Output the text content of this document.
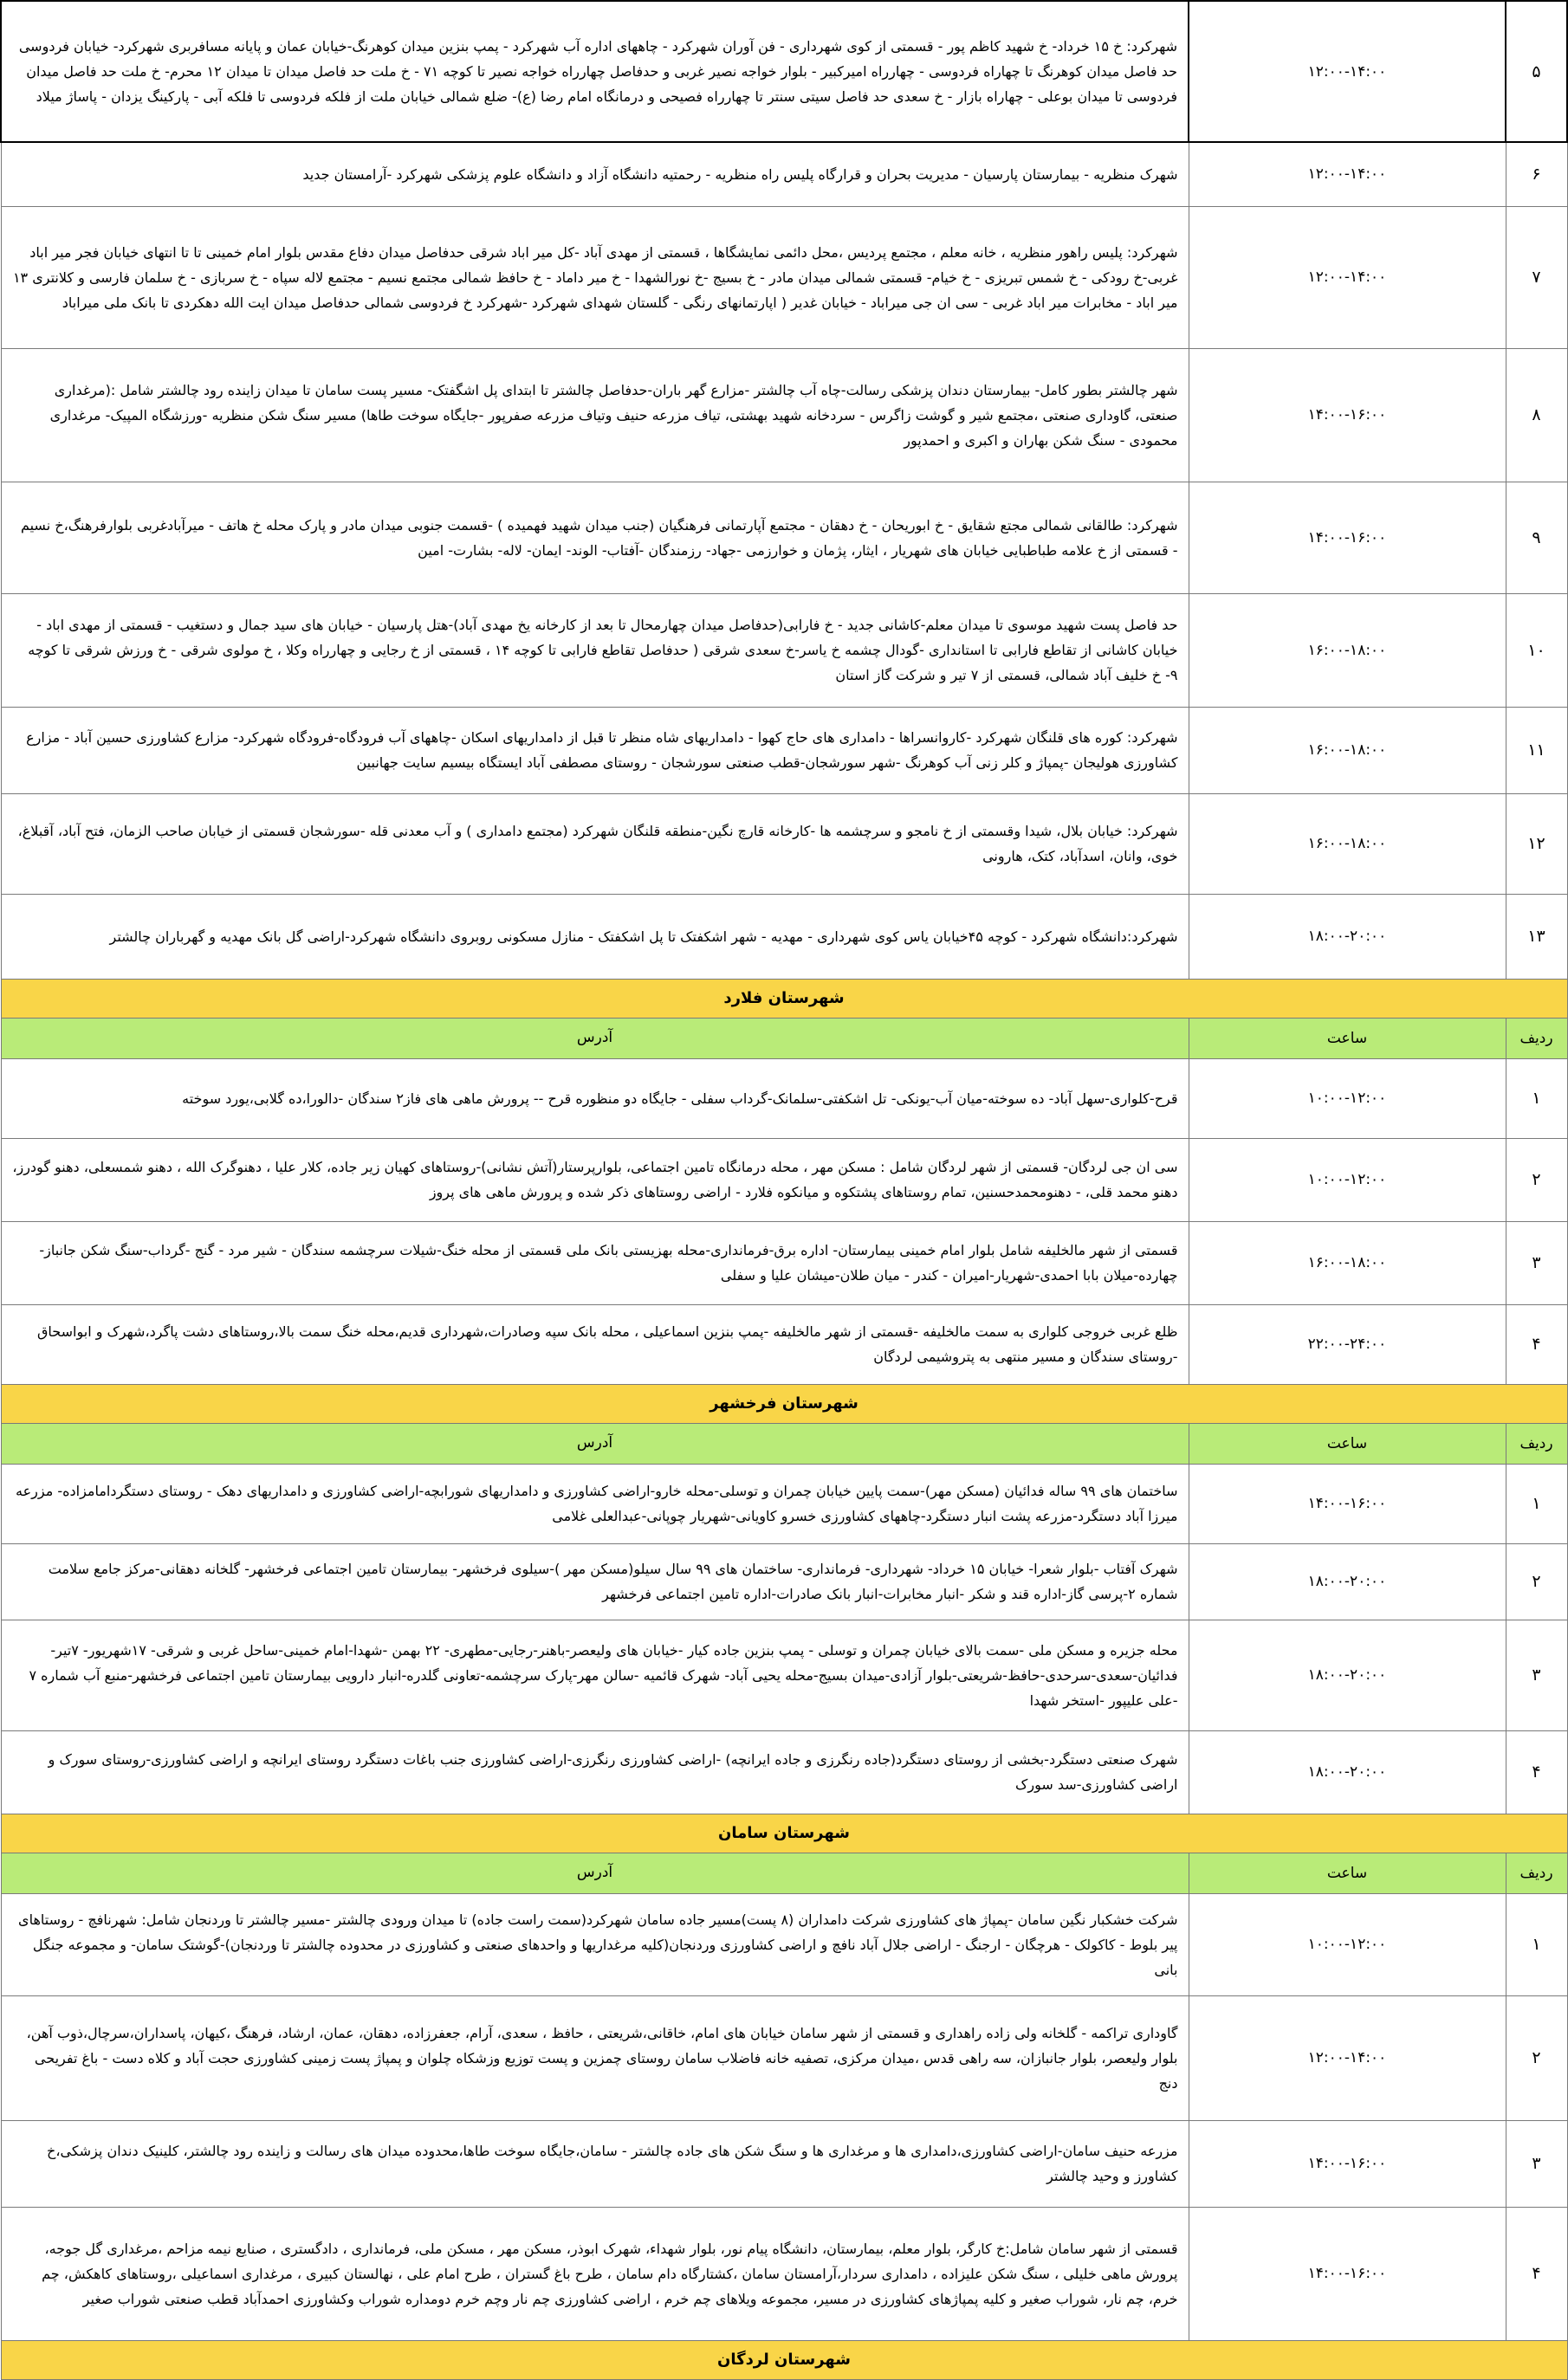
۵	۱۲:۰۰-۱۴:۰۰	شهرکرد: خ ۱۵ خرداد- خ شهید کاظم پور - قسمتی از کوی شهرداری - فن آوران شهرکرد - چاههای اداره آب شهرکرد - پمپ بنزین میدان کوهرنگ-خیابان عمان و پایانه مسافربری شهرکرد- خیابان فردوسی حد فاصل میدان کوهرنگ تا چهاراه فردوسی - چهارراه امیرکبیر - بلوار خواجه نصیر غربی و حدفاصل چهارراه خواجه نصیر تا کوچه ۷۱ - خ ملت حد فاصل میدان تا میدان ۱۲ محرم- خ ملت حد فاصل میدان فردوسی تا میدان بوعلی - چهاراه بازار - خ سعدی حد فاصل سیتی سنتر تا چهارراه فصیحی و درمانگاه امام رضا (ع)- ضلع شمالی خیابان ملت از فلکه فردوسی تا فلکه آبی - پارکینگ یزدان - پاساژ میلاد
۶	۱۲:۰۰-۱۴:۰۰	شهرک منظریه - بیمارستان پارسیان - مدیریت بحران و قرارگاه پلیس راه منظریه - رحمتیه دانشگاه آزاد و دانشگاه علوم پزشکی شهرکرد -آرامستان جدید
۷	۱۲:۰۰-۱۴:۰۰	شهرکرد: پلیس راهور منظریه ، خانه معلم ، مجتمع پردیس ،محل دائمی نمایشگاها ، قسمتی از مهدی آباد -کل میر اباد شرقی حدفاصل میدان دفاع مقدس بلوار امام خمینی تا تا انتهای خیابان فجر میر اباد غربی-خ رودکی - خ شمس تبریزی - خ خیام- قسمتی شمالی میدان مادر - خ بسیج -خ نورالشهدا - خ میر داماد - خ حافظ شمالی مجتمع نسیم - مجتمع لاله سپاه - خ سربازی - خ سلمان فارسی و کلانتری ۱۳ میر اباد - مخابرات میر اباد غربی - سی ان جی میراباد - خیابان غدیر ( اپارتمانهای رنگی - گلستان شهدای شهرکرد -شهرکرد خ فردوسی شمالی حدفاصل میدان ایت الله دهکردی تا بانک ملی میراباد
۸	۱۴:۰۰-۱۶:۰۰	شهر چالشتر بطور کامل- بیمارستان دندان پزشکی رسالت-چاه آب چالشتر -مزارع گهر باران-حدفاصل چالشتر تا ابتدای پل اشگفتک- مسیر پست سامان تا میدان زاینده رود چالشتر شامل :(مرغداری صنعتی، گاوداری صنعتی ،مجتمع شیر و گوشت زاگرس - سردخانه شهید بهشتی، تیاف مزرعه حنیف وتیاف مزرعه صفرپور -جایگاه سوخت طاها) مسیر سنگ شکن منظریه -ورزشگاه المپیک- مرغداری محمودی - سنگ شکن بهاران و اکبری و احمدپور
۹	۱۴:۰۰-۱۶:۰۰	شهرکرد: طالقانی شمالی مجتع شقایق - خ ابوریحان - خ دهقان - مجتمع آپارتمانی فرهنگیان (جنب میدان شهید فهمیده ) -قسمت جنوبی میدان مادر و پارک محله خ هاتف - میرآبادغربی بلوارفرهنگ،خ نسیم - قسمتی از خ علامه طباطبایی خیابان های شهریار ، ایثار، پژمان و خوارزمی -جهاد- رزمندگان -آفتاب- الوند- ایمان- لاله- بشارت- امین
۱۰	۱۶:۰۰-۱۸:۰۰	حد فاصل پست شهید موسوی تا میدان معلم-کاشانی جدید - خ فارابی(حدفاصل میدان چهارمحال تا بعد از کارخانه یخ مهدی آباد)-هتل پارسیان - خیابان های سید جمال و دستغیب - قسمتی از مهدی اباد - خیابان کاشانی از تقاطع فارابی تا استانداری -گودال چشمه خ یاسر-خ سعدی شرقی ( حدفاصل تقاطع فارابی تا کوچه ۱۴ ، قسمتی از خ رجایی و چهارراه وکلا ، خ مولوی شرقی - خ ورزش شرقی تا کوچه ۹- خ خلیف آباد شمالی، قسمتی از ۷ تیر و شرکت گاز استان
۱۱	۱۶:۰۰-۱۸:۰۰	شهرکرد: کوره های قلنگان شهرکرد -کاروانسراها - دامداری های حاج کهوا - دامداریهای شاه منظر تا قبل از دامداریهای اسکان -چاههای آب فرودگاه-فرودگاه شهرکرد- مزارع کشاورزی حسین آباد - مزارع کشاورزی هولیجان -پمپاژ و کلر زنی آب کوهرنگ -شهر سورشجان-قطب صنعتی سورشجان - روستای مصطفی آباد ایستگاه بیسیم سایت جهانبین
۱۲	۱۶:۰۰-۱۸:۰۰	شهرکرد: خیابان بلال، شیدا وقسمتی از خ نامجو و سرچشمه ها -کارخانه قارچ نگین-منطقه قلنگان شهرکرد (مجتمع دامداری ) و آب معدنی قله -سورشجان قسمتی از خیابان صاحب الزمان، فتح آباد، آقبلاغ، خوی، وانان، اسدآباد، کتک، هارونی
۱۳	۱۸:۰۰-۲۰:۰۰	شهرکرد:دانشگاه شهرکرد - کوچه ۴۵خیابان یاس کوی شهرداری - مهدیه - شهر اشکفتک تا پل اشکفتک - منازل مسکونی روبروی دانشگاه شهرکرد-اراضی گل بانک مهدیه و گهرباران چالشتر
شهرستان فلارد		
ردیف	ساعت	آدرس
۱	۱۰:۰۰-۱۲:۰۰	قرح-کلواری-سهل آباد- ده سوخته-میان آب-یونکی- تل اشکفتی-سلمانک-گرداب سفلی - جایگاه دو منظوره قرح -- پرورش ماهی های فاز۲ سندگان -دالورا،ده گلابی،یورد سوخته
۲	۱۰:۰۰-۱۲:۰۰	سی ان جی لردگان- قسمتی از شهر لردگان شامل : مسکن مهر ، محله درمانگاه تامین اجتماعی، بلوارپرستار(آتش نشانی)-روستاهای کهیان زیر جاده، کلار علیا ، دهنوگرک الله ، دهنو شمسعلی، دهنو گودرز، دهنو محمد قلی، - دهنومحمدحسنین، تمام روستاهای پشتکوه و میانکوه فلارد - اراضی روستاهای ذکر شده و پرورش ماهی های پروز
۳	۱۶:۰۰-۱۸:۰۰	قسمتی از شهر مالخلیفه شامل بلوار امام خمینی بیمارستان- اداره برق-فرمانداری-محله بهزیستی بانک ملی قسمتی از محله خنگ-شیلات سرچشمه سندگان - شیر مرد - گنج -گرداب-سنگ شکن جانباز- چهارده-میلان بابا احمدی-شهریار-امیران - کندر - میان طلان-میشان علیا و سفلی
۴	۲۲:۰۰-۲۴:۰۰	ظلع غربی خروجی کلواری به سمت مالخلیفه -قسمتی از شهر مالخلیفه -پمپ بنزین اسماعیلی ، محله بانک سپه وصادرات،شهرداری قدیم،محله خنگ سمت بالا،روستاهای دشت پاگرد،شهرک و ابواسحاق -روستای سندگان و مسیر منتهی به پتروشیمی لردگان
شهرستان فرخشهر		
ردیف	ساعت	آدرس
۱	۱۴:۰۰-۱۶:۰۰	ساختمان های ۹۹ ساله فدائیان (مسکن مهر)-سمت پایین خیابان چمران و توسلی-محله خارو-اراضی کشاورزی و دامداریهای شورابچه-اراضی کشاورزی و دامداریهای دهک - روستای دستگردامامزاده- مزرعه میرزا آباد دستگرد-مزرعه پشت انبار دستگرد-چاههای کشاورزی خسرو کاویانی-شهریار چوپانی-عبدالعلی غلامی
۲	۱۸:۰۰-۲۰:۰۰	شهرک آفتاب -بلوار شعرا- خیابان ۱۵ خرداد- شهرداری- فرمانداری- ساختمان های ۹۹ سال سیلو(مسکن مهر )-سیلوی فرخشهر- بیمارستان تامین اجتماعی فرخشهر- گلخانه دهقانی-مرکز جامع سلامت شماره ۲-پرسی گاز-اداره قند و شکر -انبار مخابرات-انبار بانک صادرات-اداره تامین اجتماعی فرخشهر
۳	۱۸:۰۰-۲۰:۰۰	محله جزیره و مسکن ملی -سمت بالای خیابان چمران و توسلی - پمپ بنزین جاده کیار -خیابان های ولیعصر-باهنر-رجایی-مطهری- ۲۲ بهمن -شهدا-امام خمینی-ساحل غربی و شرقی- ۱۷شهریور- ۷تیر-فدائیان-سعدی-سرحدی-حافظ-شریعتی-بلوار آزادی-میدان بسیج-محله یحیی آباد- شهرک قائمیه -سالن مهر-پارک سرچشمه-تعاونی گلدره-انبار دارویی بیمارستان تامین اجتماعی فرخشهر-منبع آب شماره ۷ -علی علیپور -استخر شهدا
۴	۱۸:۰۰-۲۰:۰۰	شهرک صنعتی دستگرد-بخشی از روستای دستگرد(جاده رنگرزی و جاده ایرانچه) -اراضی کشاورزی رنگرزی-اراضی کشاورزی جنب باغات دستگرد روستای ایرانچه و اراضی کشاورزی-روستای سورک و اراضی کشاورزی-سد سورک
شهرستان سامان		
ردیف	ساعت	آدرس
۱	۱۰:۰۰-۱۲:۰۰	شرکت خشکبار نگین سامان -پمپاژ های کشاورزی شرکت دامداران (۸ پست)مسیر جاده سامان شهرکرد(سمت راست جاده) تا میدان ورودی چالشتر -مسیر چالشتر تا وردنجان شامل: شهرنافچ - روستاهای پیر بلوط - کاکولک - هرچگان - ارجنگ - اراضی جلال آباد نافچ و اراضی کشاورزی وردنجان(کلیه مرغداریها و واحدهای صنعتی و کشاورزی در محدوده چالشتر تا وردنجان)-گوشتک سامان- و مجموعه جنگل بانی
۲	۱۲:۰۰-۱۴:۰۰	گاوداری تراکمه - گلخانه ولی زاده راهداری و قسمتی از شهر سامان خیابان های امام، خاقانی،شریعتی ، حافظ ، سعدی، آرام، جعفرزاده، دهقان، عمان، ارشاد، فرهنگ ،کیهان، پاسداران،سرچال،ذوب آهن، بلوار ولیعصر، بلوار جانبازان، سه راهی قدس ،میدان مرکزی، تصفیه خانه فاضلاب سامان روستای چمزین و پست توزیع وزشکاه چلوان و پمپاژ پست زمینی کشاورزی حجت آباد و کلاه دست - باغ تفریحی دنج
۳	۱۴:۰۰-۱۶:۰۰	مزرعه حنیف سامان-اراضی کشاورزی،دامداری ها و مرغداری ها و سنگ شکن های جاده چالشتر - سامان،جایگاه سوخت طاها،محدوده میدان های رسالت و زاینده رود چالشتر، کلینیک دندان پزشکی،خ کشاورز و وحید چالشتر
۴	۱۴:۰۰-۱۶:۰۰	قسمتی از شهر سامان شامل:خ کارگر، بلوار معلم، بیمارستان، دانشگاه پیام نور، بلوار شهداء، شهرک ابوذر، مسکن مهر ، مسکن ملی، فرمانداری ، دادگستری ، صنایع نیمه مزاحم ،مرغداری گل جوجه، پرورش ماهی خلیلی ، سنگ شکن علیزاده ، دامداری سردار،آرامستان سامان ،کشتارگاه دام سامان ، طرح باغ گستران ، طرح امام علی ، نهالستان کبیری ، مرغداری اسماعیلی ،روستاهای کاهکش، چم خرم، چم نار، شوراب صغیر و کلیه پمپاژهای کشاورزی در مسیر، مجموعه ویلاهای چم خرم ، اراضی کشاورزی چم نار وچم خرم دومداره شوراب وکشاورزی احمدآباد قطب صنعتی شوراب صغیر
شهرستان لردگان		
